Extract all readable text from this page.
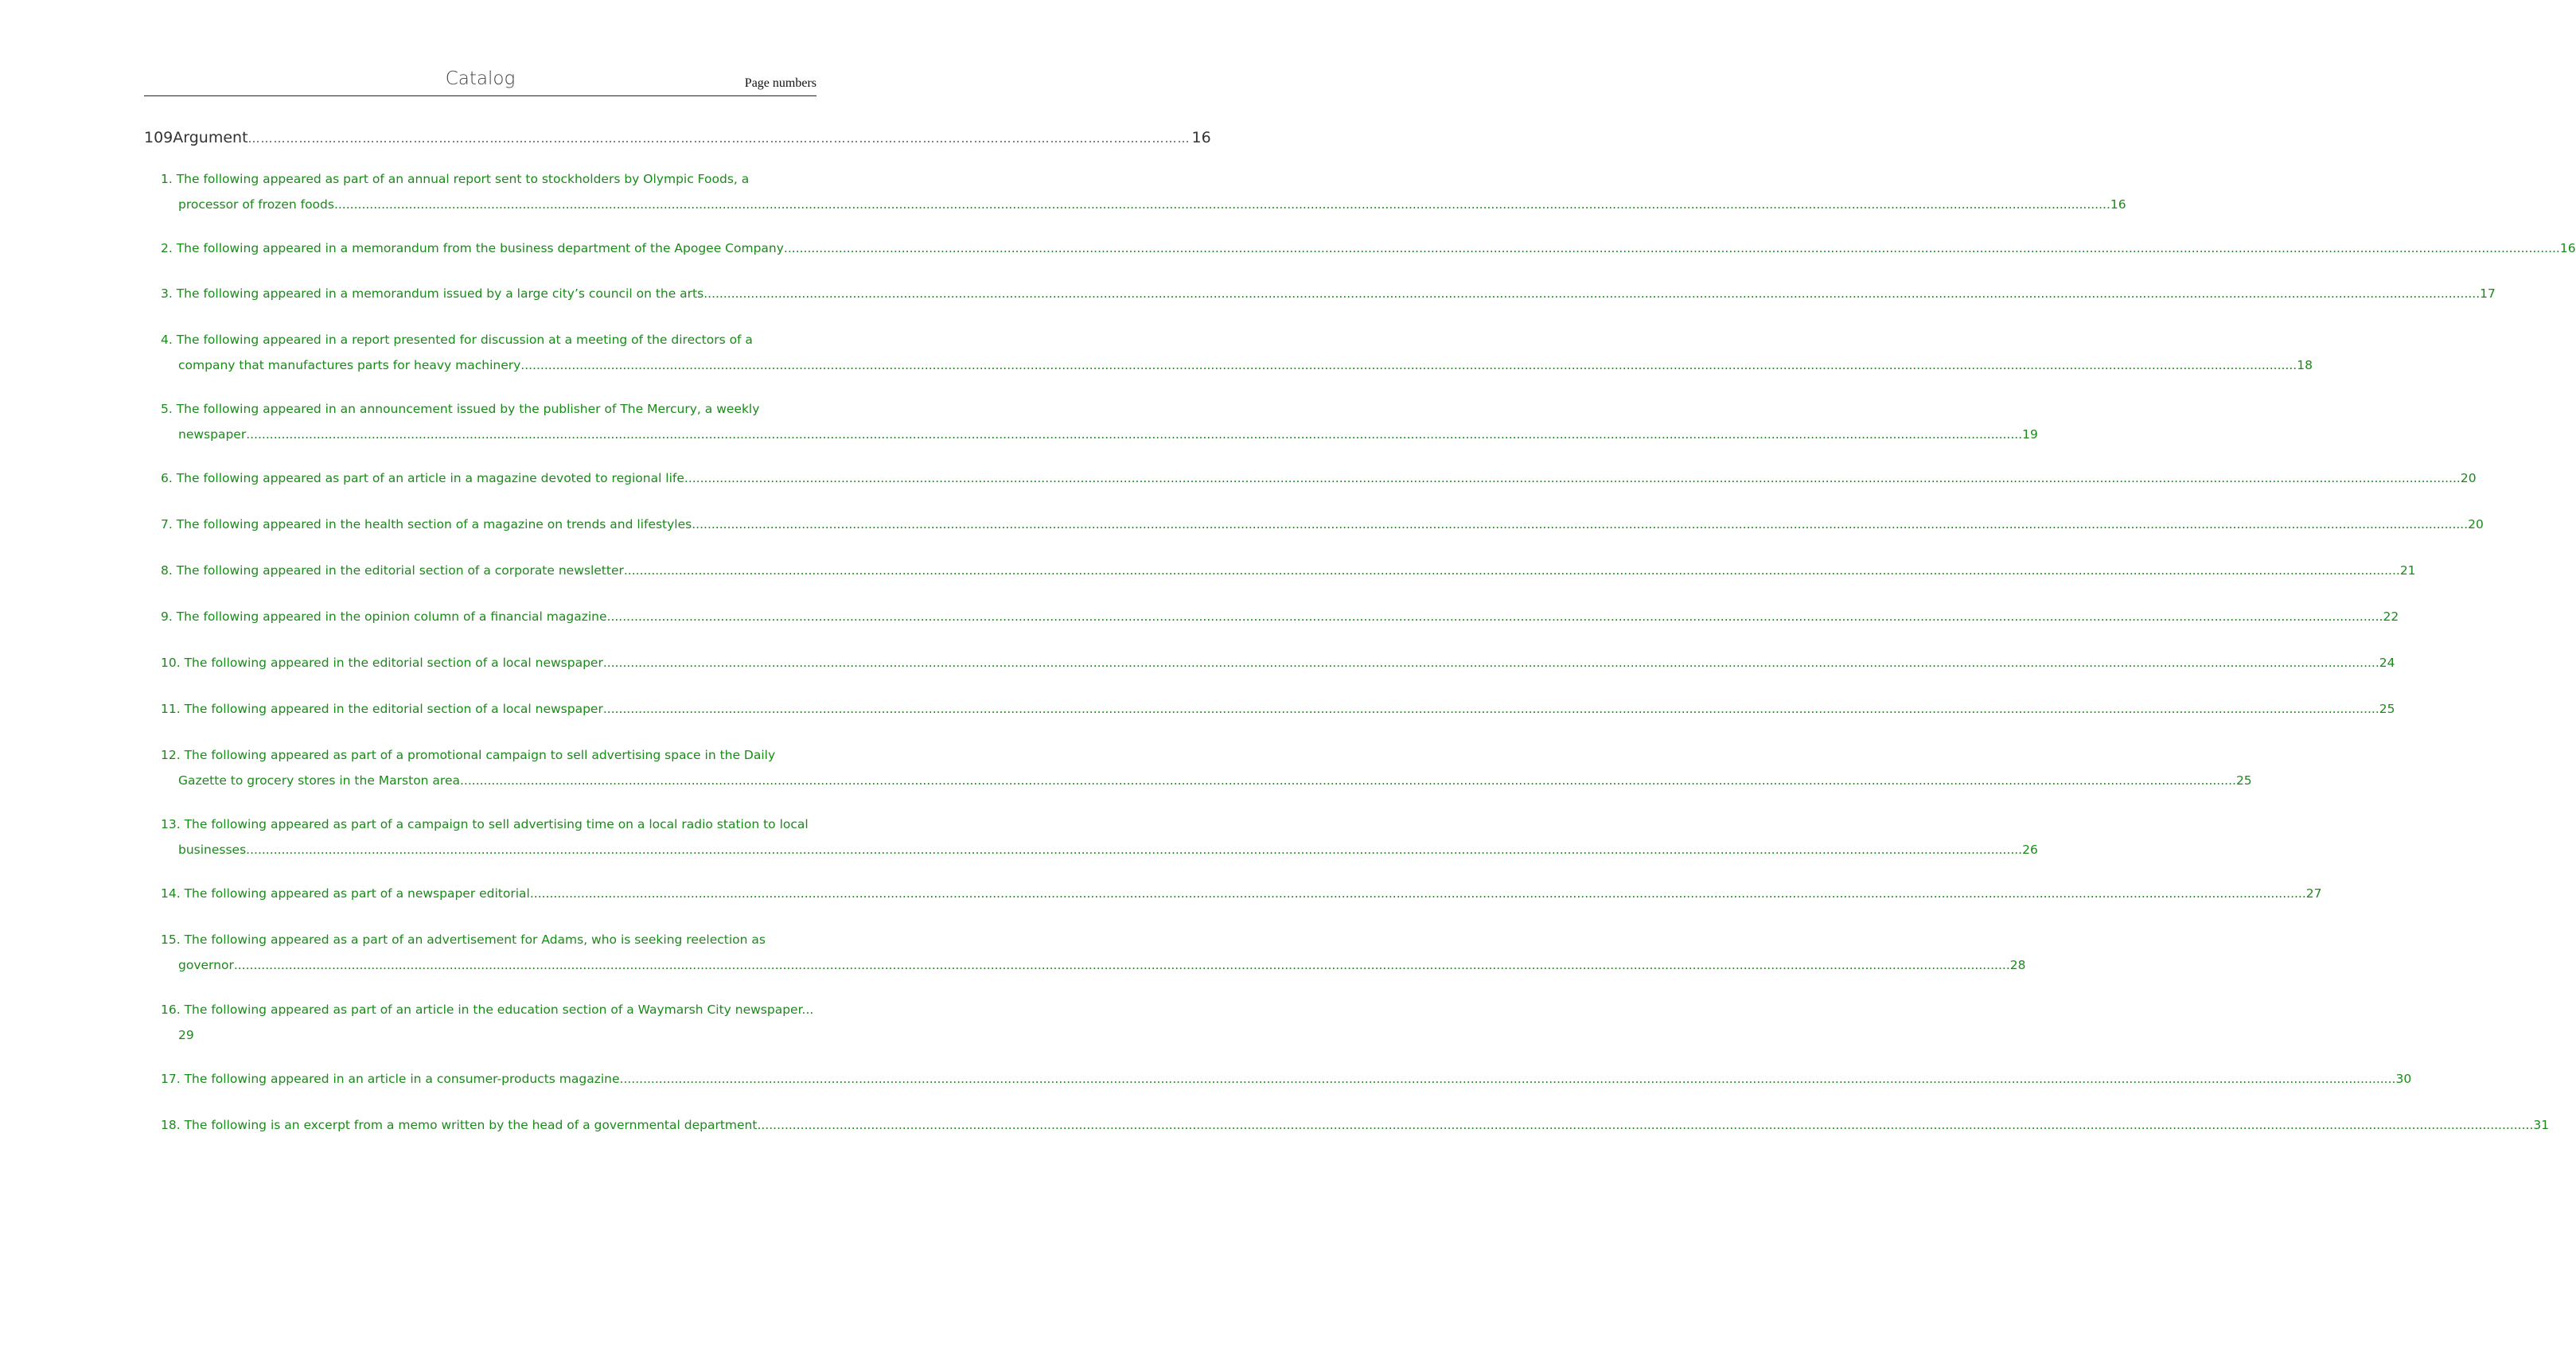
Catalog	Page numbers
109 Argument …………………………………………………………………………………………………………………………………………………………………………………………………… 16
1. The following appeared as part of an annual report sent to stockholders by Olympic Foods, a
processor of frozen foods .....	16
2. The following appeared in a memorandum from the business department of the Apogee Company .....	16
3. The following appeared in a memorandum issued by a large city’s council on the arts .....	17
4. The following appeared in a report presented for discussion at a meeting of the directors of a
company that manufactures parts for heavy machinery .....	18
5. The following appeared in an announcement issued by the publisher of The Mercury, a weekly
newspaper .....	19
6. The following appeared as part of an article in a magazine devoted to regional life .....	20
7. The following appeared in the health section of a magazine on trends and lifestyles .....	20
8. The following appeared in the editorial section of a corporate newsletter .....	21
9. The following appeared in the opinion column of a financial magazine .....	22
10. The following appeared in the editorial section of a local newspaper .....	24
11. The following appeared in the editorial section of a local newspaper .....	25
12. The following appeared as part of a promotional campaign to sell advertising space in the Daily
Gazette to grocery stores in the Marston area .....	25
13. The following appeared as part of a campaign to sell advertising time on a local radio station to local
businesses .....	26
14. The following appeared as part of a newspaper editorial .....	27
15. The following appeared as a part of an advertisement for Adams, who is seeking reelection as
governor .....	28
16. The following appeared as part of an article in the education section of a Waymarsh City newspaper...
29
17. The following appeared in an article in a consumer-products magazine .....	30
18. The following is an excerpt from a memo written by the head of a governmental department .....	31
